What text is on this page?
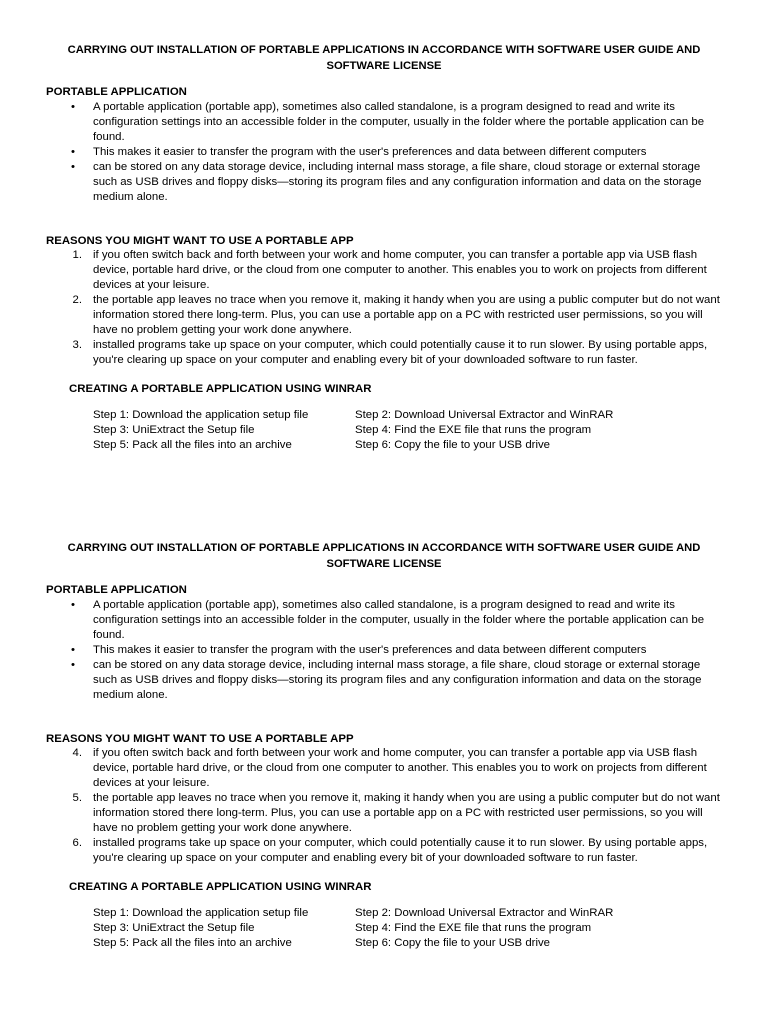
CARRYING OUT INSTALLATION OF PORTABLE APPLICATIONS IN ACCORDANCE WITH SOFTWARE USER GUIDE AND SOFTWARE LICENSE
PORTABLE APPLICATION
•	A portable application (portable app), sometimes also called standalone, is a program designed to read and write its configuration settings into an accessible folder in the computer, usually in the folder where the portable application can be found.
•	This makes it easier to transfer the program with the user's preferences and data between different computers
•	can be stored on any data storage device, including internal mass storage, a file share, cloud storage or external storage such as USB drives and floppy disks—storing its program files and any configuration information and data on the storage medium alone.
REASONS YOU MIGHT WANT TO USE A PORTABLE APP
1. if you often switch back and forth between your work and home computer, you can transfer a portable app via USB flash device, portable hard drive, or the cloud from one computer to another. This enables you to work on projects from different devices at your leisure.
2. the portable app leaves no trace when you remove it, making it handy when you are using a public computer but do not want information stored there long-term. Plus, you can use a portable app on a PC with restricted user permissions, so you will have no problem getting your work done anywhere.
3. installed programs take up space on your computer, which could potentially cause it to run slower. By using portable apps, you're clearing up space on your computer and enabling every bit of your downloaded software to run faster.
CREATING A PORTABLE APPLICATION USING WINRAR
Step 1: Download the application setup file	Step 2: Download Universal Extractor and WinRAR
Step 3: UniExtract the Setup file	Step 4: Find the EXE file that runs the program
Step 5: Pack all the files into an archive	Step 6: Copy the file to your USB drive
CARRYING OUT INSTALLATION OF PORTABLE APPLICATIONS IN ACCORDANCE WITH SOFTWARE USER GUIDE AND SOFTWARE LICENSE
PORTABLE APPLICATION
•	A portable application (portable app), sometimes also called standalone, is a program designed to read and write its configuration settings into an accessible folder in the computer, usually in the folder where the portable application can be found.
•	This makes it easier to transfer the program with the user's preferences and data between different computers
•	can be stored on any data storage device, including internal mass storage, a file share, cloud storage or external storage such as USB drives and floppy disks—storing its program files and any configuration information and data on the storage medium alone.
REASONS YOU MIGHT WANT TO USE A PORTABLE APP
4. if you often switch back and forth between your work and home computer, you can transfer a portable app via USB flash device, portable hard drive, or the cloud from one computer to another. This enables you to work on projects from different devices at your leisure.
5. the portable app leaves no trace when you remove it, making it handy when you are using a public computer but do not want information stored there long-term. Plus, you can use a portable app on a PC with restricted user permissions, so you will have no problem getting your work done anywhere.
6. installed programs take up space on your computer, which could potentially cause it to run slower. By using portable apps, you're clearing up space on your computer and enabling every bit of your downloaded software to run faster.
CREATING A PORTABLE APPLICATION USING WINRAR
Step 1: Download the application setup file	Step 2: Download Universal Extractor and WinRAR
Step 3: UniExtract the Setup file	Step 4: Find the EXE file that runs the program
Step 5: Pack all the files into an archive	Step 6: Copy the file to your USB drive
